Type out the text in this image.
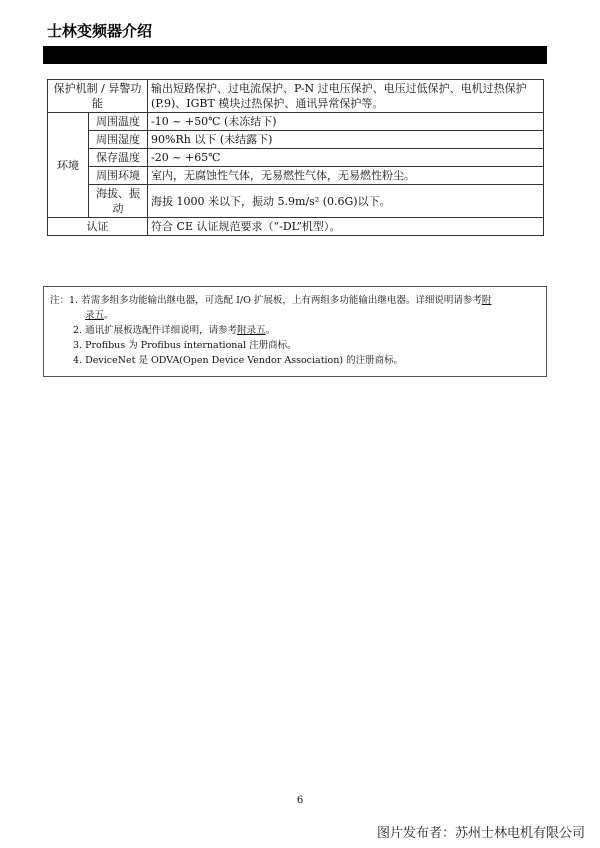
士林变频器介绍
保护机制 / 异警功能		输出短路保护、过电流保护、P-N 过电压保护、电压过低保护、电机过热保护(P.9)、IGBT 模块过热保护、通讯异常保护等。
环境	周围温度	-10 ~ +50℃ (未冻结下)
	周围湿度	90%Rh 以下 (未结露下)
	保存温度	-20 ~ +65℃
	周围环境	室内，无腐蚀性气体，无易燃性气体，无易燃性粉尘。
	海拔、振动	海拔 1000 米以下，振动 5.9m/s² (0.6G)以下。
认证		符合 CE 认证规范要求（“-DL”机型）。
注：1. 若需多组多功能输出继电器，可选配 I/O 扩展板，上有两组多功能输出继电器。详细说明请参考附
录五。
2. 通讯扩展板选配件详细说明，请参考附录五。
3. Profibus 为 Profibus international 注册商标。
4. DeviceNet 是 ODVA(Open Device Vendor Association) 的注册商标。
6
图片发布者：苏州士林电机有限公司
